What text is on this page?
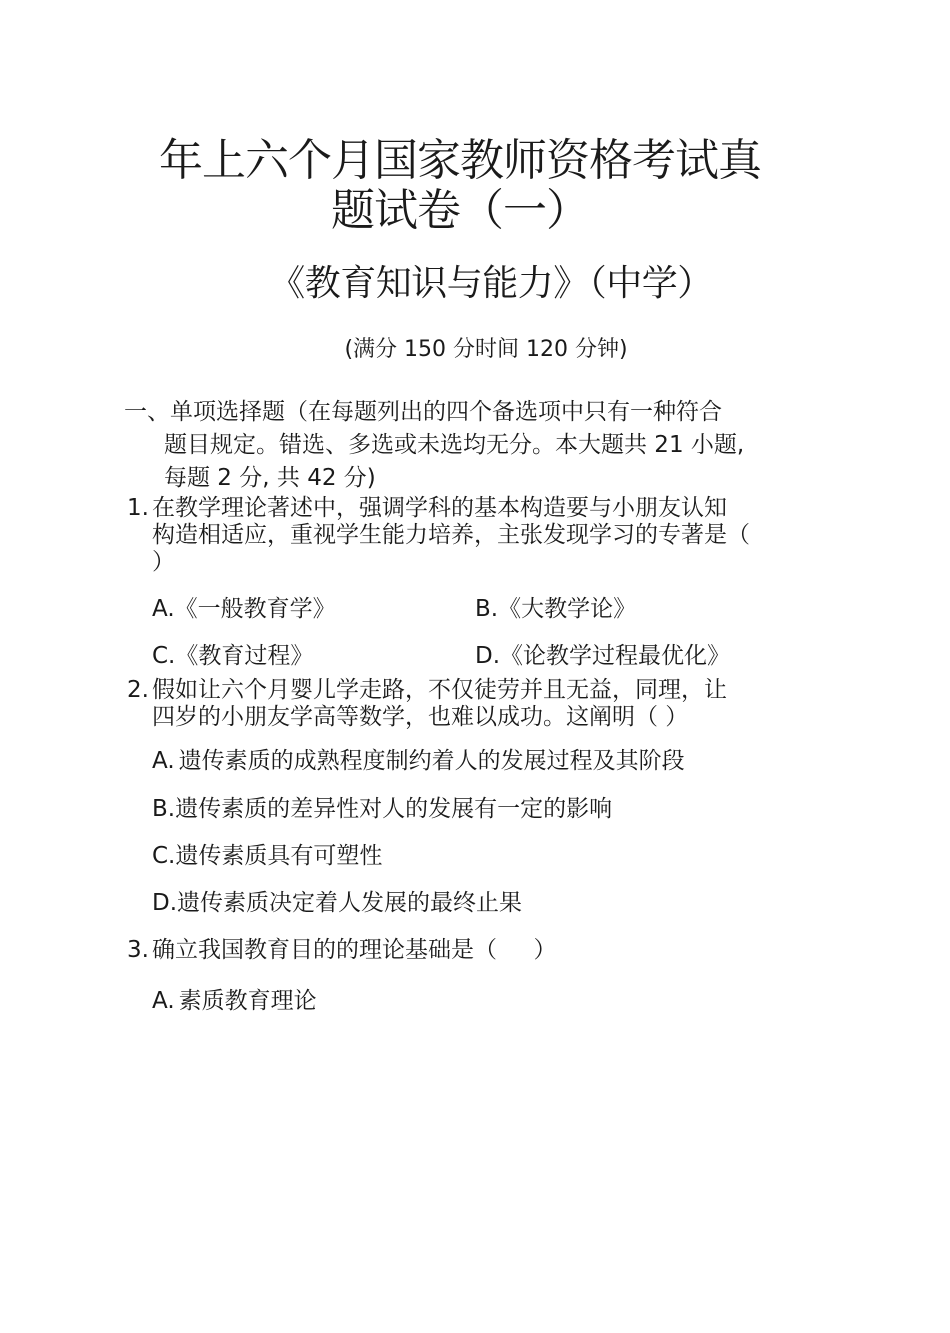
年上六个月国家教师资格考试真
题试卷（一）
《教育知识与能力》（中学）
(满分 150 分时间 120 分钟)
一、单项选择题（在每题列出的四个备选项中只有一种符合
题目规定。错选、多选或未选均无分。本大题共 21 小题,
每题 2 分, 共 42 分)
1. 在教学理论著述中，强调学科的基本构造要与小朋友认知
构造相适应，重视学生能力培养，主张发现学习的专著是（
）
A.《一般教育学》	B.《大教学论》
C.《教育过程》	D.《论教学过程最优化》
2. 假如让六个月婴儿学走路，不仅徒劳并且无益，同理，让
四岁的小朋友学高等数学，也难以成功。这阐明（ ）
A. 遗传素质的成熟程度制约着人的发展过程及其阶段
B.遗传素质的差异性对人的发展有一定的影响
C.遗传素质具有可塑性
D.遗传素质决定着人发展的最终止果
3. 确立我国教育目的的理论基础是（     ）
A. 素质教育理论
